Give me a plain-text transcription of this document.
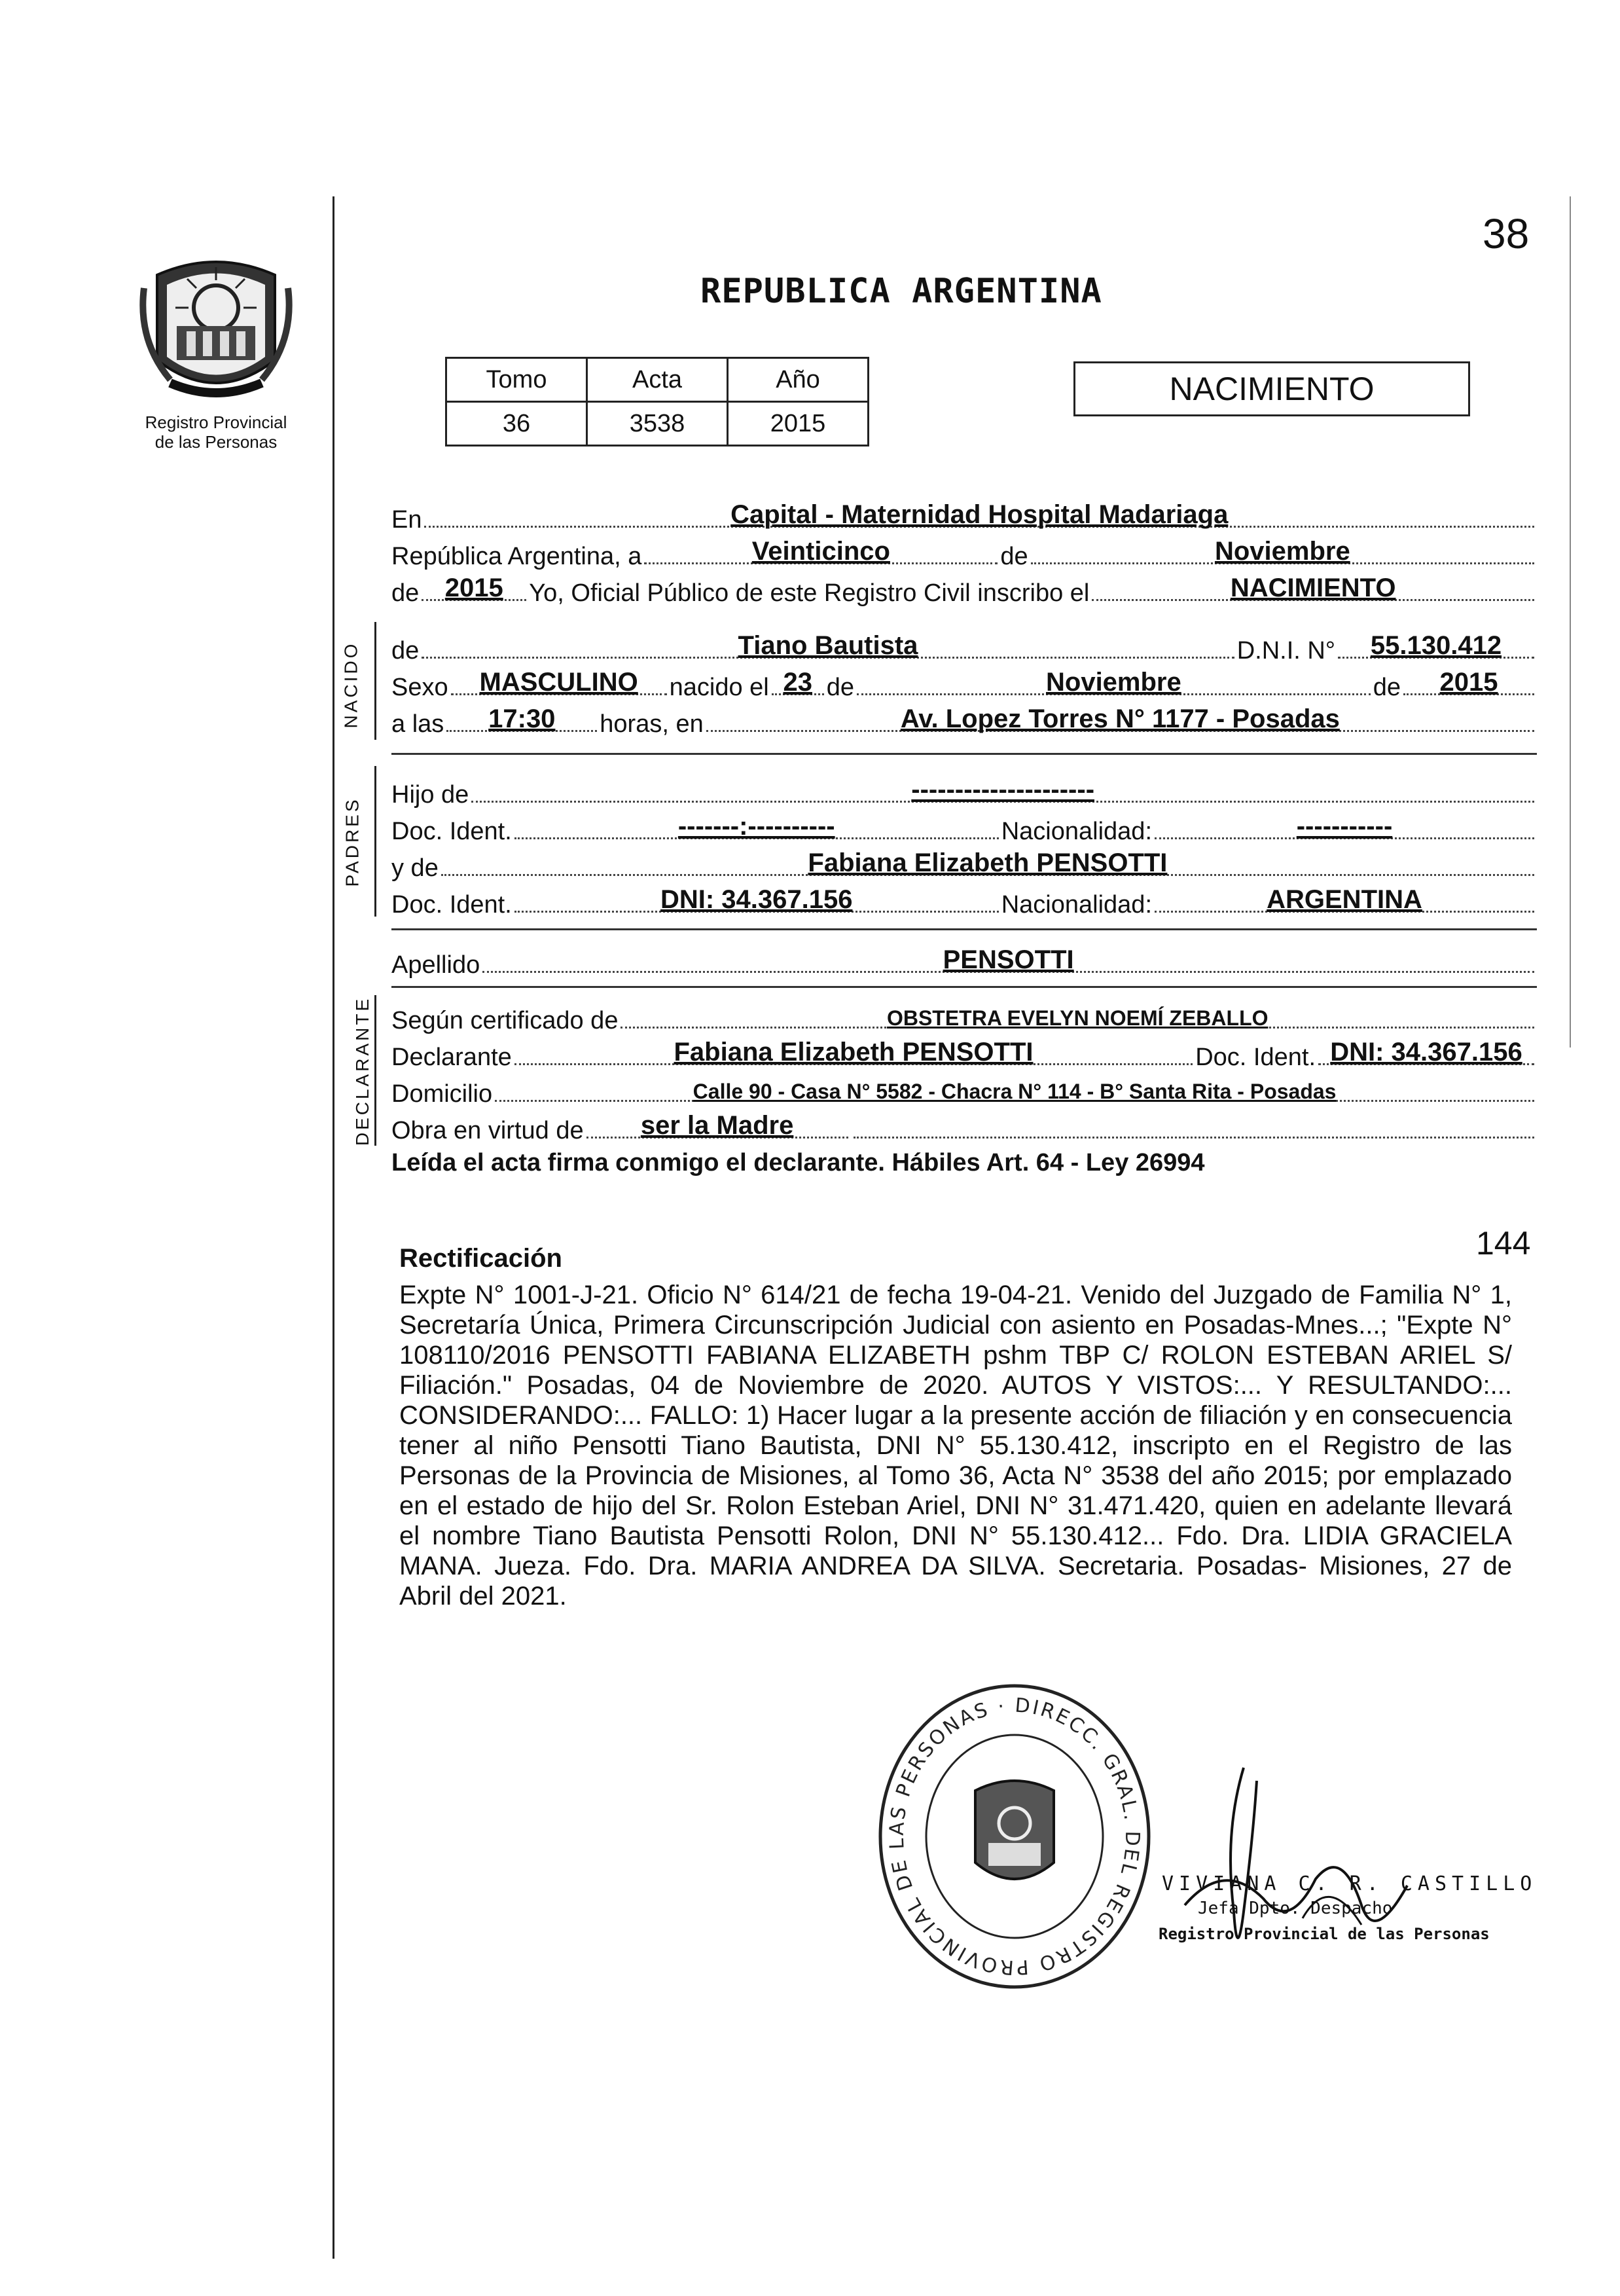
Registro Provincial
de las Personas
38
REPUBLICA ARGENTINA
Tomo	Acta	Año
36	3538	2015
NACIMIENTO
En	Capital - Maternidad Hospital Madariaga
República Argentina, a	Veinticinco	de	Noviembre
de 2015	Yo, Oficial Público de este Registro Civil inscribo el	NACIMIENTO
NACIDO de	Tiano Bautista	D.N.I. N°	55.130.412
Sexo	MASCULINO	nacido el 23 de	Noviembre	de	2015
a las	17:30	horas, en	Av. Lopez Torres N° 1177 - Posadas
PADRES
Hijo de	---------------------
Doc. Ident.	-------:----------	Nacionalidad:	-----------
y de	Fabiana Elizabeth PENSOTTI
Doc. Ident.	DNI: 34.367.156	Nacionalidad:	ARGENTINA
Apellido	PENSOTTI
DECLARANTE Según certificado de	OBSTETRA EVELYN NOEMÍ ZEBALLO
Declarante	Fabiana Elizabeth PENSOTTI	Doc. Ident. DNI: 34.367.156
Domicilio	Calle 90 - Casa N° 5582 - Chacra N° 114 - B° Santa Rita - Posadas
Obra en virtud de	ser la Madre
Leída el acta firma conmigo el declarante. Hábiles Art. 64 - Ley 26994
Rectificación	144
Expte N° 1001-J-21. Oficio N° 614/21 de fecha 19-04-21. Venido del Juzgado de Familia N° 1, Secretaría Única, Primera Circunscripción Judicial con asiento en Posadas-Mnes...; "Expte N° 108110/2016 PENSOTTI FABIANA ELIZABETH pshm TBP C/ ROLON ESTEBAN ARIEL S/ Filiación." Posadas, 04 de Noviembre de 2020. AUTOS Y VISTOS:... Y RESULTANDO:... CONSIDERANDO:... FALLO: 1) Hacer lugar a la presente acción de filiación y en consecuencia tener al niño Pensotti Tiano Bautista, DNI N° 55.130.412, inscripto en el Registro de las Personas de la Provincia de Misiones, al Tomo 36, Acta N° 3538 del año 2015; por emplazado en el estado de hijo del Sr. Rolon Esteban Ariel, DNI N° 31.471.420, quien en adelante llevará el nombre Tiano Bautista Pensotti Rolon, DNI N° 55.130.412... Fdo. Dra. LIDIA GRACIELA MANA. Jueza. Fdo. Dra. MARIA ANDREA DA SILVA. Secretaria. Posadas- Misiones, 27 de Abril del 2021.
DIRECC. GRAL. DEL REGISTRO PROVINCIAL DE LAS PERSONAS ·
VIVIANA C. R. CASTILLO
Jefa Dpto. Despacho
Registro Provincial de las Personas
